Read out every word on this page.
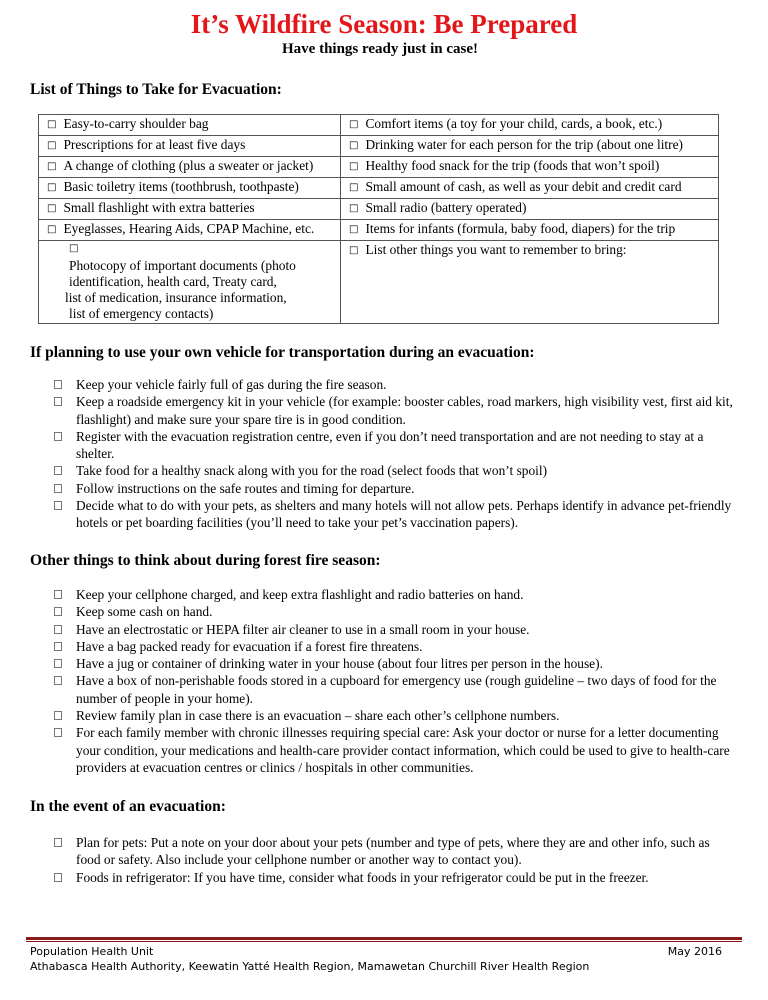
It’s Wildfire Season: Be Prepared
Have things ready just in case!
List of Things to Take for Evacuation:
□ Easy-to-carry shoulder bag	□ Comfort items (a toy for your child, cards, a book, etc.)
□ Prescriptions for at least five days	□ Drinking water for each person for the trip (about one litre)
□ A change of clothing (plus a sweater or jacket)	□ Healthy food snack for the trip (foods that won’t spoil)
□ Basic toiletry items (toothbrush, toothpaste)	□ Small amount of cash, as well as your debit and credit card
□ Small flashlight with extra batteries	□ Small radio (battery operated)
□ Eyeglasses, Hearing Aids, CPAP Machine, etc.	□ Items for infants (formula, baby food, diapers) for the trip

□
Photocopy of important documents (photo
identification, health card, Treaty card,
list of medication, insurance information,
list of emergency contacts)	□ List other things you want to remember to bring:
If planning to use your own vehicle for transportation during an evacuation:
Keep your vehicle fairly full of gas during the fire season.
Keep a roadside emergency kit in your vehicle (for example: booster cables, road markers, high visibility vest, first aid kit, flashlight) and make sure your spare tire is in good condition.
Register with the evacuation registration centre, even if you don’t need transportation and are not needing to stay at a shelter.
Take food for a healthy snack along with you for the road (select foods that won’t spoil)
Follow instructions on the safe routes and timing for departure.
Decide what to do with your pets, as shelters and many hotels will not allow pets. Perhaps identify in advance pet-friendly hotels or pet boarding facilities (you’ll need to take your pet’s vaccination papers).
Other things to think about during forest fire season:
Keep your cellphone charged, and keep extra flashlight and radio batteries on hand.
Keep some cash on hand.
Have an electrostatic or HEPA filter air cleaner to use in a small room in your house.
Have a bag packed ready for evacuation if a forest fire threatens.
Have a jug or container of drinking water in your house (about four litres per person in the house).
Have a box of non-perishable foods stored in a cupboard for emergency use (rough guideline – two days of food for the number of people in your home).
Review family plan in case there is an evacuation – share each other’s cellphone numbers.
For each family member with chronic illnesses requiring special care: Ask your doctor or nurse for a letter documenting your condition, your medications and health-care provider contact information, which could be used to give to health-care providers at evacuation centres or clinics / hospitals in other communities.
In the event of an evacuation:
Plan for pets: Put a note on your door about your pets (number and type of pets, where they are and other info, such as food or safety. Also include your cellphone number or another way to contact you).
Foods in refrigerator: If you have time, consider what foods in your refrigerator could be put in the freezer.
Population Health Unit	May 2016
Athabasca Health Authority, Keewatin Yatté Health Region, Mamawetan Churchill River Health Region
